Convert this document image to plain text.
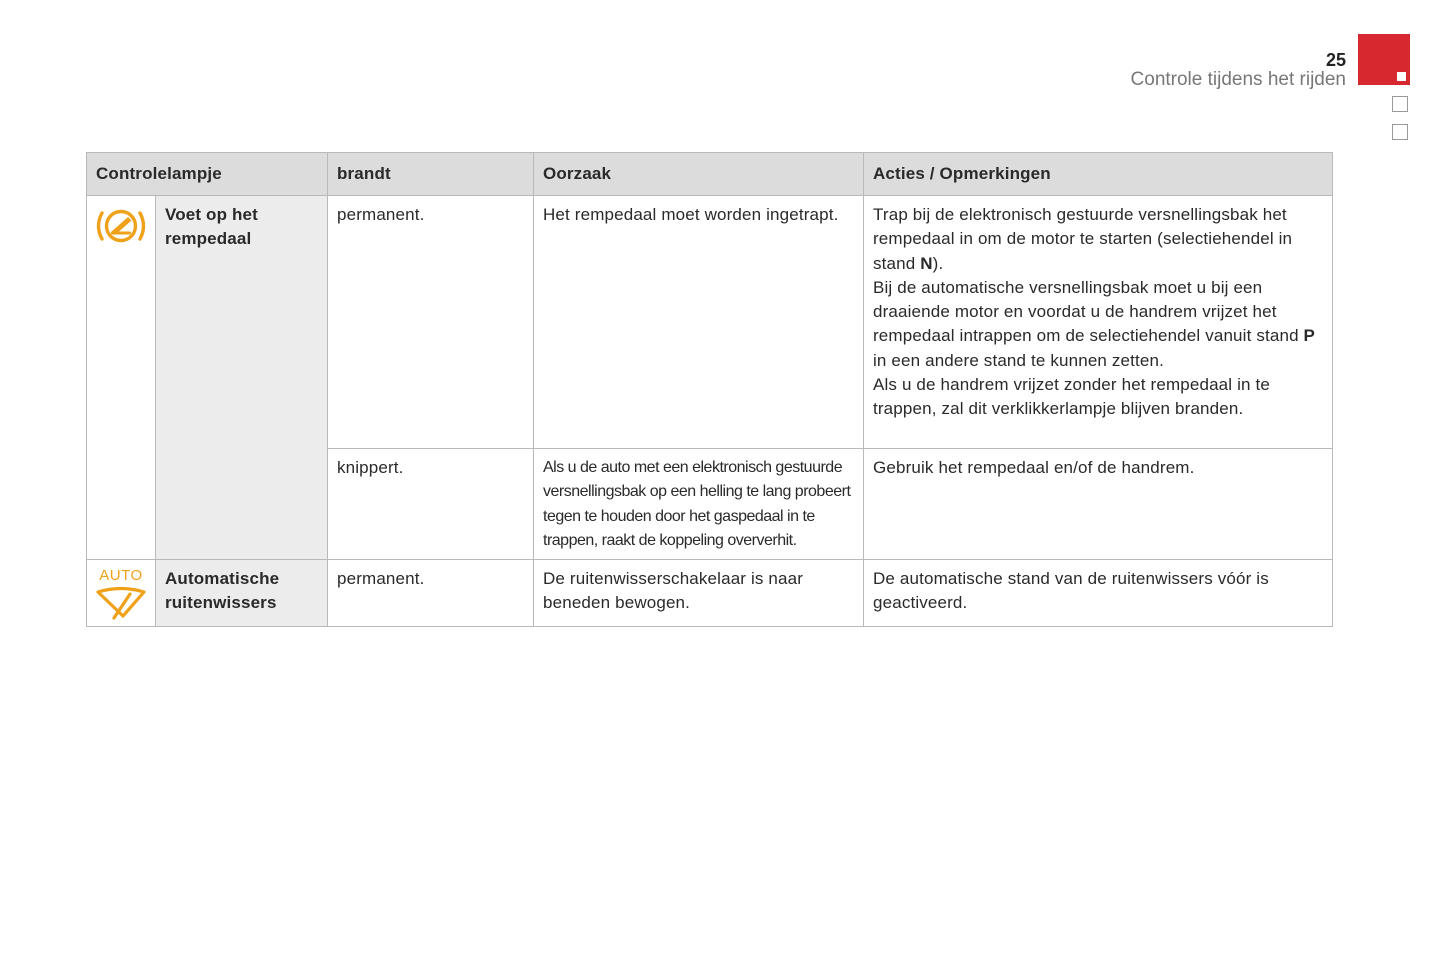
25
Controle tijdens het rijden
Controlelampje		brandt	Oorzaak	Acties / Opmerkingen

	Voet op het rempedaal	permanent.	Het rempedaal moet worden ingetrapt.	Trap bij de elektronisch gestuurde versnellingsbak het rempedaal in om de motor te starten (selectiehendel in stand N).
Bij de automatische versnellingsbak moet u bij een draaiende motor en voordat u de handrem vrijzet het rempedaal intrappen om de selectiehendel vanuit stand P in een andere stand te kunnen zetten.
Als u de handrem vrijzet zonder het rempedaal in te trappen, zal dit verklikkerlampje blijven branden.
		knippert.	Als u de auto met een elektronisch gestuurde versnellingsbak op een helling te lang probeert tegen te houden door het gaspedaal in te trappen, raakt de koppeling oververhit.	Gebruik het rempedaal en/of de handrem.

AUTO	Automatische ruitenwissers	permanent.	De ruitenwisserschakelaar is naar beneden bewogen.	De automatische stand van de ruitenwissers vóór is geactiveerd.
